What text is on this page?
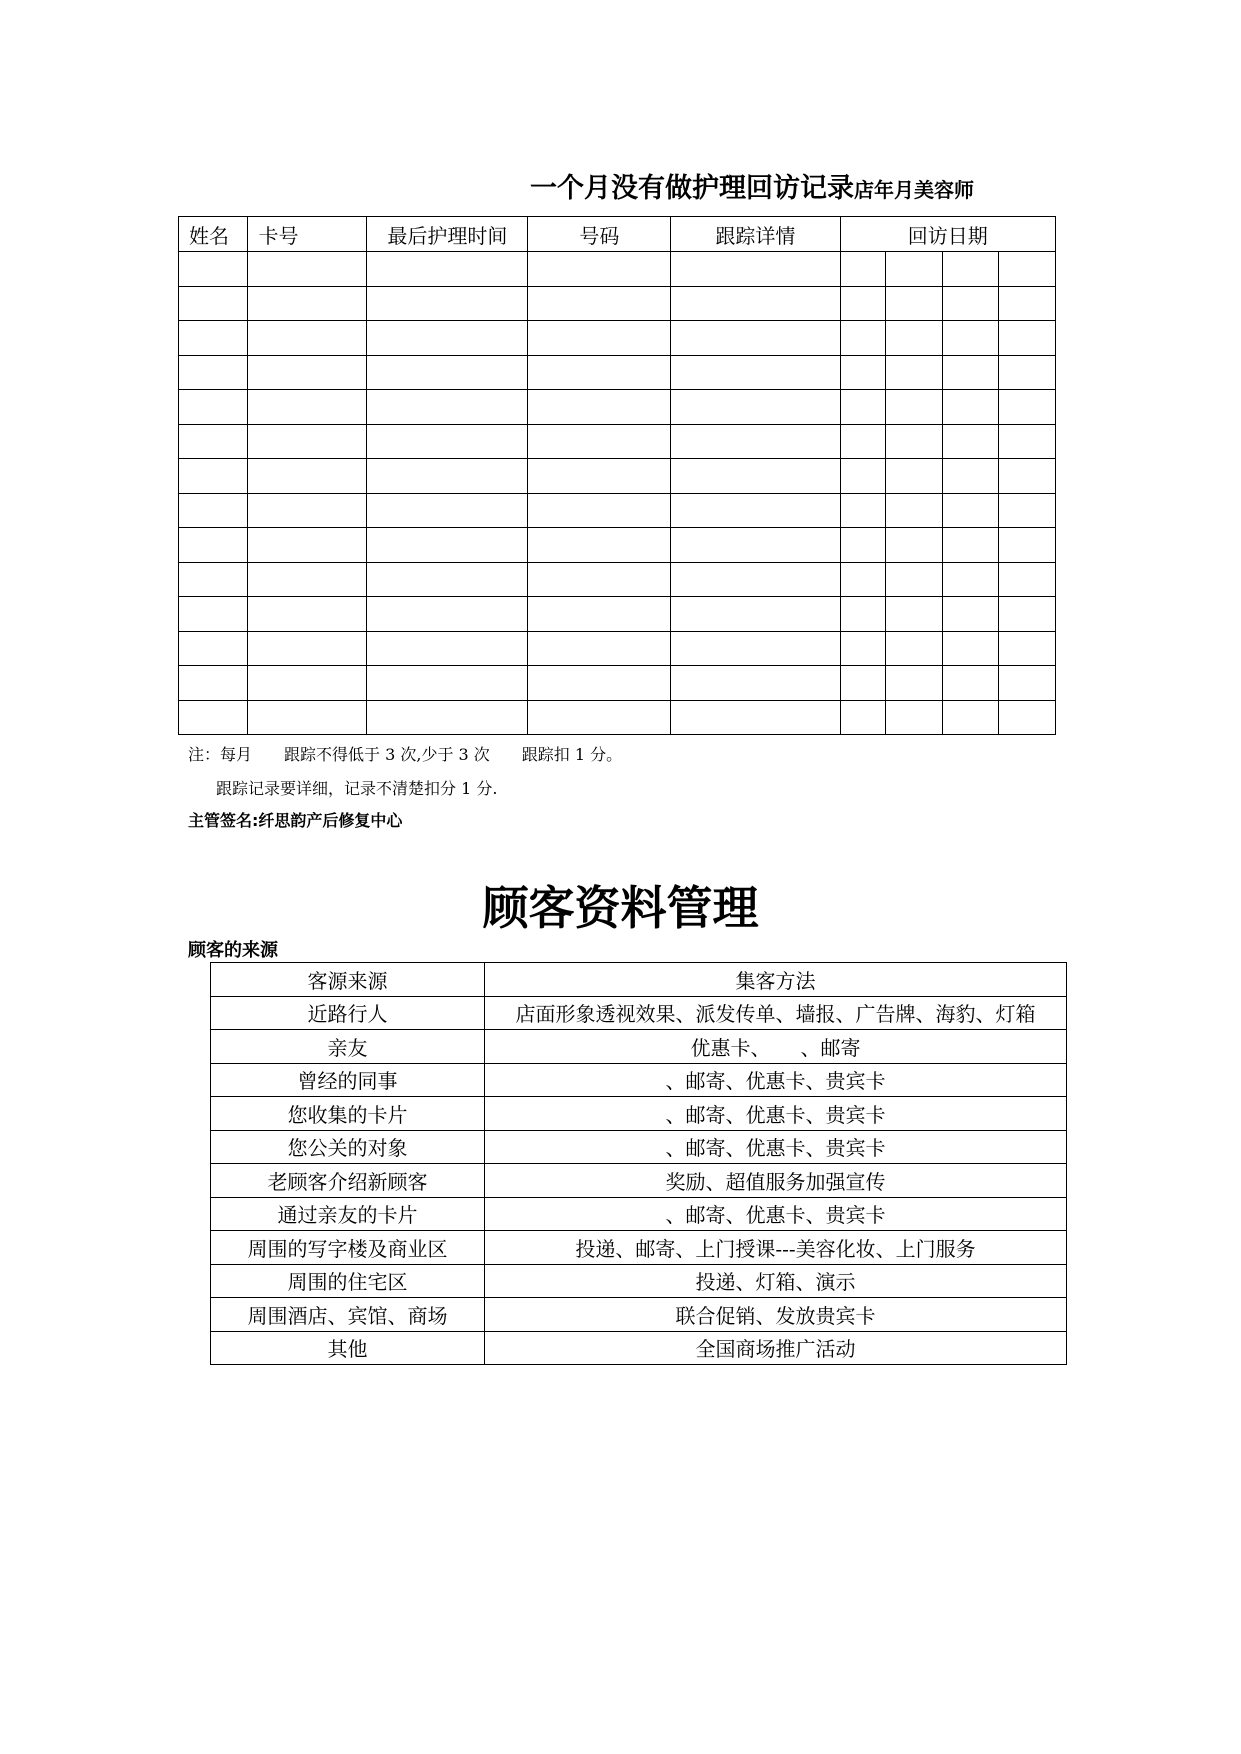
一个月没有做护理回访记录店年月美容师
姓名	卡号	最后护理时间	号码	跟踪详情	回访日期			

注：每月　　跟踪不得低于 3 次,少于 3 次　　跟踪扣 1 分。
跟踪记录要详细，记录不清楚扣分 1 分.
主管签名:纤思韵产后修复中心
顾客资料管理
顾客的来源
客源来源	集客方法
近路行人	店面形象透视效果、派发传单、墙报、广告牌、海豹、灯箱
亲友	优惠卡、　　、邮寄
曾经的同事	、邮寄、优惠卡、贵宾卡
您收集的卡片	、邮寄、优惠卡、贵宾卡
您公关的对象	、邮寄、优惠卡、贵宾卡
老顾客介绍新顾客	奖励、超值服务加强宣传
通过亲友的卡片	、邮寄、优惠卡、贵宾卡
周围的写字楼及商业区	投递、邮寄、上门授课---美容化妆、上门服务
周围的住宅区	投递、灯箱、演示
周围酒店、宾馆、商场	联合促销、发放贵宾卡
其他	全国商场推广活动
